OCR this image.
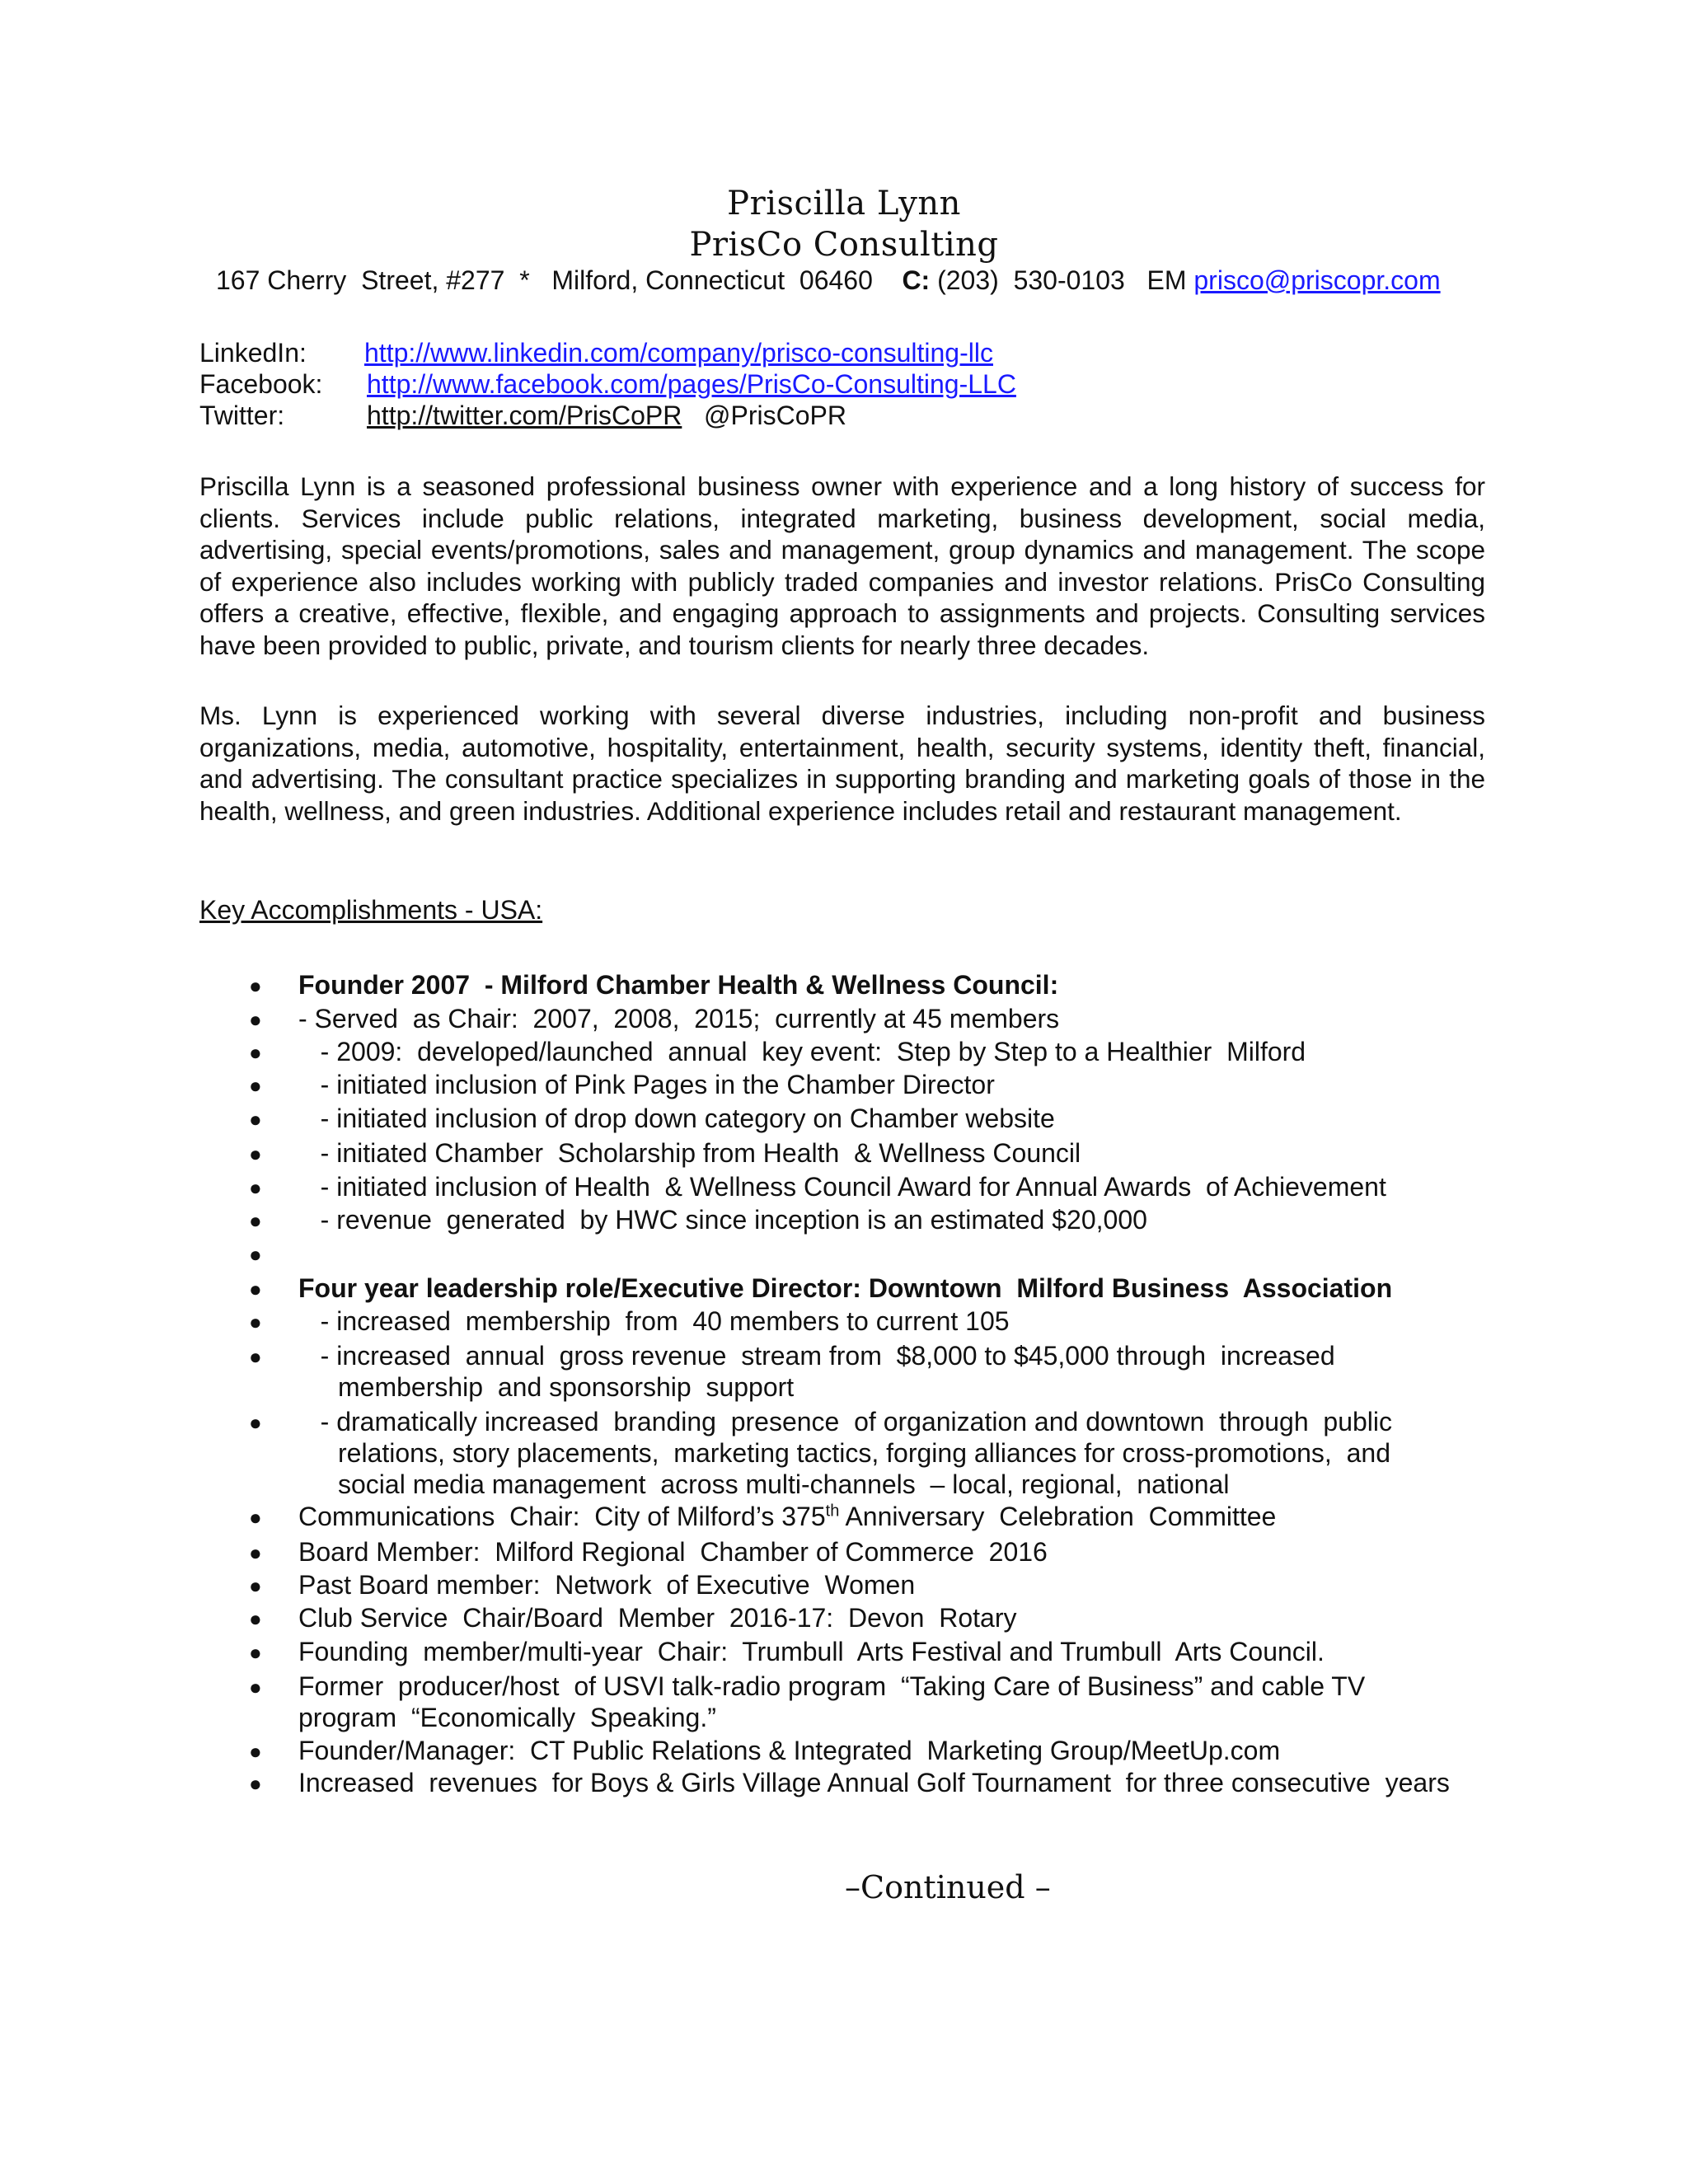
Priscilla Lynn
PrisCo Consulting
167 Cherry  Street, #277  *   Milford, Connecticut  06460 C: (203)  530-0103 EM prisco@priscopr.com
LinkedIn: http://www.linkedin.com/company/prisco-consulting-llc
Facebook: http://www.facebook.com/pages/PrisCo-Consulting-LLC
Twitter:	http://twitter.com/PrisCoPR @PrisCoPR
Priscilla Lynn is a seasoned professional business owner with experience and a long history of success for clients. Services include public relations, integrated marketing, business development, social media, advertising, special events/promotions, sales and management, group dynamics and management. The scope of experience also includes working with publicly traded companies and investor relations. PrisCo Consulting offers a creative, effective, flexible, and engaging approach to assignments and projects. Consulting services have been provided to public, private, and tourism clients for nearly three decades.
Ms. Lynn is experienced working with several diverse industries, including non-profit and business organizations, media, automotive, hospitality, entertainment, health, security systems, identity theft, financial, and advertising. The consultant practice specializes in supporting branding and marketing goals of those in the health, wellness, and green industries. Additional experience includes retail and restaurant management.
Key Accomplishments - USA:
● Founder 2007  - Milford Chamber Health & Wellness Council:
● - Served  as Chair:  2007,  2008,  2015;  currently at 45 members
● - 2009:  developed/launched  annual  key event:  Step by Step to a Healthier  Milford
● - initiated inclusion of Pink Pages in the Chamber Director
● - initiated inclusion of drop down category on Chamber website
● - initiated Chamber  Scholarship from Health  & Wellness Council
● - initiated inclusion of Health  & Wellness Council Award for Annual Awards  of Achievement
● - revenue  generated  by HWC since inception is an estimated $20,000
●
● Four year leadership role/Executive Director: Downtown  Milford Business  Association
● - increased  membership  from  40 members to current 105
● - increased  annual  gross revenue  stream from  $8,000 to $45,000 through  increased
membership  and sponsorship  support
● - dramatically increased  branding  presence  of organization and downtown  through  public
relations, story placements,  marketing tactics, forging alliances for cross-promotions,  and
social media management  across multi-channels  – local, regional,  national
● Communications  Chair:  City of Milford’s 375th Anniversary  Celebration  Committee
● Board Member:  Milford Regional  Chamber of Commerce  2016
● Past Board member:  Network  of Executive  Women
● Club Service  Chair/Board  Member  2016-17:  Devon  Rotary
● Founding  member/multi-year  Chair:  Trumbull  Arts Festival and Trumbull  Arts Council.
● Former  producer/host  of USVI talk-radio program  “Taking Care of Business” and cable TV
program  “Economically  Speaking.”
● Founder/Manager:  CT Public Relations & Integrated  Marketing Group/MeetUp.com
● Increased  revenues  for Boys & Girls Village Annual Golf Tournament  for three consecutive  years
–Continued –
